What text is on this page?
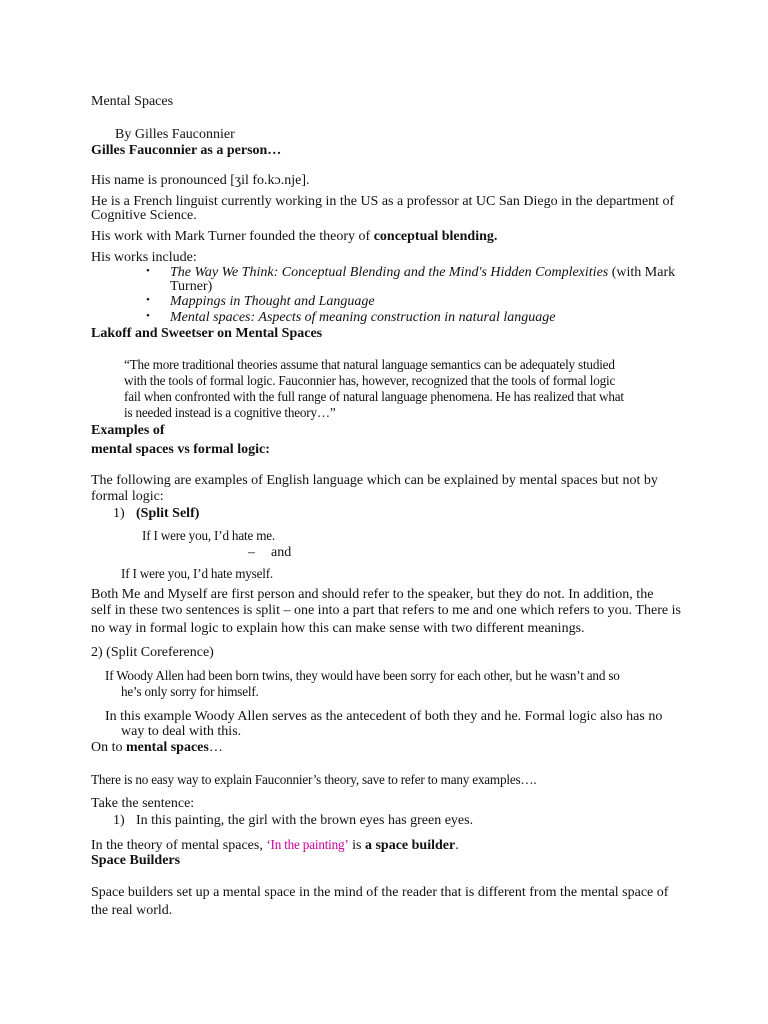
Mental Spaces
By Gilles Fauconnier
Gilles Fauconnier as a person…
His name is pronounced [ʒil fo.kɔ.nje].
He is a French linguist currently working in the US as a professor at UC San Diego in the department of
Cognitive Science.
His work with Mark Turner founded the theory of conceptual blending.
His works include:
• The Way We Think: Conceptual Blending and the Mind's Hidden Complexities (with Mark
Turner)
• Mappings in Thought and Language
• Mental spaces: Aspects of meaning construction in natural language
Lakoff and Sweetser on Mental Spaces
“The more traditional theories assume that natural language semantics can be adequately studied
with the tools of formal logic. Fauconnier has, however, recognized that the tools of formal logic
fail when confronted with the full range of natural language phenomena. He has realized that what
is needed instead is a cognitive theory…”
Examples of
mental spaces vs formal logic:
The following are examples of English language which can be explained by mental spaces but not by
formal logic:
1) (Split Self)
If I were you, I’d hate me.
– and
If I were you, I’d hate myself.
Both Me and Myself are first person and should refer to the speaker, but they do not. In addition, the
self in these two sentences is split – one into a part that refers to me and one which refers to you. There is
no way in formal logic to explain how this can make sense with two different meanings.
2) (Split Coreference)
If Woody Allen had been born twins, they would have been sorry for each other, but he wasn’t and so
he’s only sorry for himself.
In this example Woody Allen serves as the antecedent of both they and he. Formal logic also has no
way to deal with this.
On to mental spaces…
There is no easy way to explain Fauconnier’s theory, save to refer to many examples….
Take the sentence:
1) In this painting, the girl with the brown eyes has green eyes.
In the theory of mental spaces, ‘In the painting’ is a space builder.
Space Builders
Space builders set up a mental space in the mind of the reader that is different from the mental space of
the real world.
